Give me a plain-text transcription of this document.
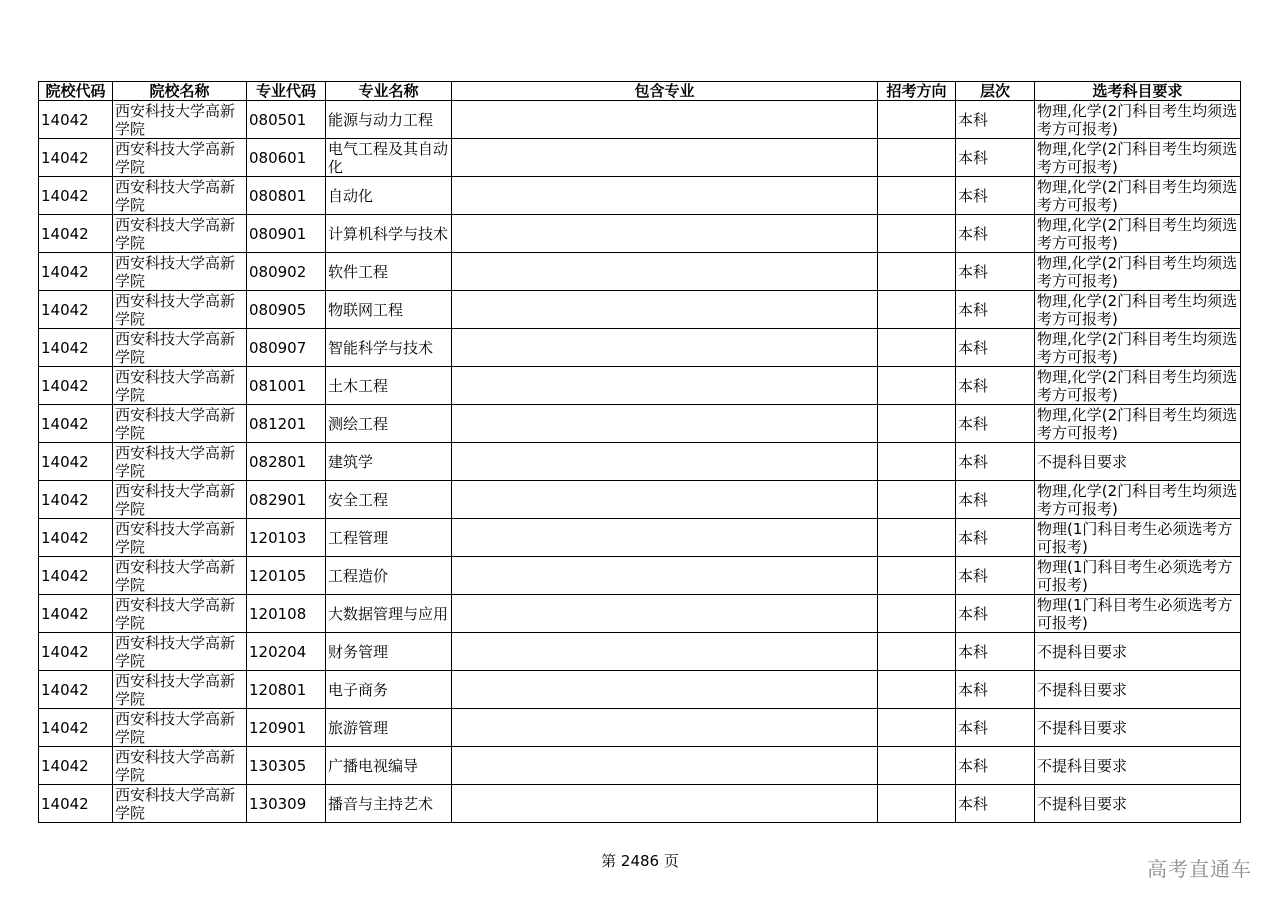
院校代码	院校名称	专业代码	专业名称	包含专业	招考方向	层次	选考科目要求
14042	西安科技大学高新学院	080501	能源与动力工程			本科	物理,化学(2门科目考生均须选考方可报考)
14042	西安科技大学高新学院	080601	电气工程及其自动化			本科	物理,化学(2门科目考生均须选考方可报考)
14042	西安科技大学高新学院	080801	自动化			本科	物理,化学(2门科目考生均须选考方可报考)
14042	西安科技大学高新学院	080901	计算机科学与技术			本科	物理,化学(2门科目考生均须选考方可报考)
14042	西安科技大学高新学院	080902	软件工程			本科	物理,化学(2门科目考生均须选考方可报考)
14042	西安科技大学高新学院	080905	物联网工程			本科	物理,化学(2门科目考生均须选考方可报考)
14042	西安科技大学高新学院	080907	智能科学与技术			本科	物理,化学(2门科目考生均须选考方可报考)
14042	西安科技大学高新学院	081001	土木工程			本科	物理,化学(2门科目考生均须选考方可报考)
14042	西安科技大学高新学院	081201	测绘工程			本科	物理,化学(2门科目考生均须选考方可报考)
14042	西安科技大学高新学院	082801	建筑学			本科	不提科目要求
14042	西安科技大学高新学院	082901	安全工程			本科	物理,化学(2门科目考生均须选考方可报考)
14042	西安科技大学高新学院	120103	工程管理			本科	物理(1门科目考生必须选考方可报考)
14042	西安科技大学高新学院	120105	工程造价			本科	物理(1门科目考生必须选考方可报考)
14042	西安科技大学高新学院	120108	大数据管理与应用			本科	物理(1门科目考生必须选考方可报考)
14042	西安科技大学高新学院	120204	财务管理			本科	不提科目要求
14042	西安科技大学高新学院	120801	电子商务			本科	不提科目要求
14042	西安科技大学高新学院	120901	旅游管理			本科	不提科目要求
14042	西安科技大学高新学院	130305	广播电视编导			本科	不提科目要求
14042	西安科技大学高新学院	130309	播音与主持艺术			本科	不提科目要求
第 2486 页	高考直通车
